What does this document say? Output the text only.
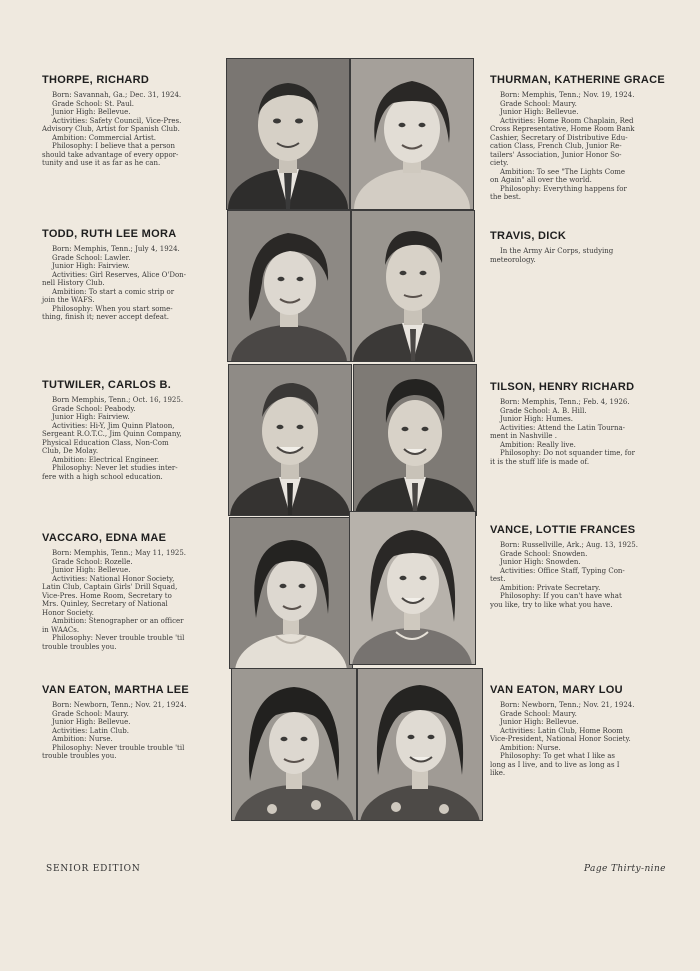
THORPE, RICHARD
Born: Savannah, Ga.; Dec. 31, 1924.
Grade School: St. Paul.
Junior High: Bellevue.
Activities: Safety Council, Vice-Pres.
Advisory Club, Artist for Spanish Club.
Ambition: Commercial Artist.
Philosophy: I believe that a person
should take advantage of every oppor-
tunity and use it as far as he can.
THURMAN, KATHERINE GRACE
Born: Memphis, Tenn.; Nov. 19, 1924.
Grade School: Maury.
Junior High: Bellevue.
Activities: Home Room Chaplain, Red
Cross Representative, Home Room Bank
Cashier, Secretary of Distributive Edu-
cation Class, French Club, Junior Re-
tailers' Association, Junior Honor So-
ciety.
Ambition: To see "The Lights Come
on Again" all over the world.
Philosophy: Everything happens for
the best.
TODD, RUTH LEE MORA
Born: Memphis, Tenn.; July 4, 1924.
Grade School: Lawler.
Junior High: Fairview.
Activities: Girl Reserves, Alice O'Don-
nell History Club.
Ambition: To start a comic strip or
join the WAFS.
Philosophy: When you start some-
thing, finish it; never accept defeat.
TRAVIS, DICK
In the Army Air Corps, studying
meteorology.
TUTWILER, CARLOS B.
Born Memphis, Tenn.; Oct. 16, 1925.
Grade School: Peabody.
Junior High: Fairview.
Activities: Hi-Y, Jim Quinn Platoon,
Sergeant R.O.T.C., Jim Quinn Company,
Physical Education Class, Non-Com
Club, De Molay.
Ambition: Electrical Engineer.
Philosophy: Never let studies inter-
fere with a high school education.
TILSON, HENRY RICHARD
Born: Memphis, Tenn.; Feb. 4, 1926.
Grade School: A. B. Hill.
Junior High: Humes.
Activities: Attend the Latin Tourna-
ment in Nashville .
Ambition: Really live.
Philosophy: Do not squander time, for
it is the stuff life is made of.
VACCARO, EDNA MAE
Born: Memphis, Tenn.; May 11, 1925.
Grade School: Rozelle.
Junior High: Bellevue.
Activities: National Honor Society,
Latin Club, Captain Girls' Drill Squad,
Vice-Pres. Home Room, Secretary to
Mrs. Quinley, Secretary of National
Honor Society.
Ambition: Stenographer or an officer
in WAACs.
Philosophy: Never trouble trouble 'til
trouble troubles you.
VANCE, LOTTIE FRANCES
Born: Russellville, Ark.; Aug. 13, 1925.
Grade School: Snowden.
Junior High: Snowden.
Activities: Office Staff, Typing Con-
test.
Ambition: Private Secretary.
Philosophy: If you can't have what
you like, try to like what you have.
VAN EATON, MARTHA LEE
Born: Newborn, Tenn.; Nov. 21, 1924.
Grade School: Maury.
Junior High: Bellevue.
Activities: Latin Club.
Ambition: Nurse.
Philosophy: Never trouble trouble 'til
trouble troubles you.
VAN EATON, MARY LOU
Born: Newborn, Tenn.; Nov. 21, 1924.
Grade School: Maury.
Junior High: Bellevue.
Activities: Latin Club, Home Room
Vice-President, National Honor Society.
Ambition: Nurse.
Philosophy: To get what I like as
long as I live, and to live as long as I
like.
SENIOR EDITION	Page Thirty-nine
